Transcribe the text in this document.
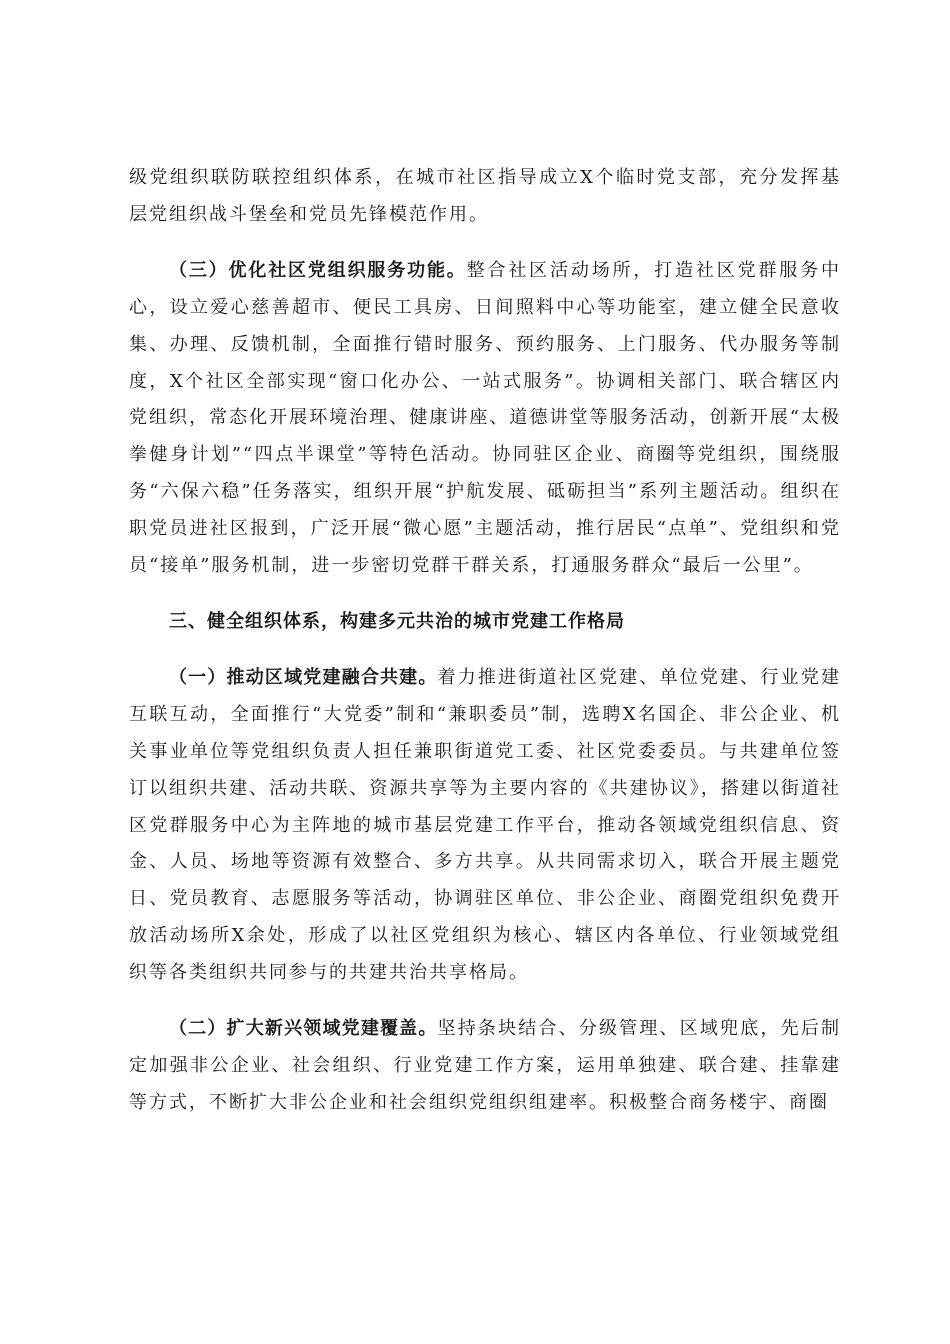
级党组织联防联控组织体系，在城市社区指导成立X个临时党支部，充分发挥基层党组织战斗堡垒和党员先锋模范作用。

（三）优化社区党组织服务功能。整合社区活动场所，打造社区党群服务中心，设立爱心慈善超市、便民工具房、日间照料中心等功能室，建立健全民意收集、办理、反馈机制，全面推行错时服务、预约服务、上门服务、代办服务等制度，X个社区全部实现“窗口化办公、一站式服务”。协调相关部门、联合辖区内党组织，常态化开展环境治理、健康讲座、道德讲堂等服务活动，创新开展“太极拳健身计划”“四点半课堂”等特色活动。协同驻区企业、商圈等党组织，围绕服务“六保六稳”任务落实，组织开展“护航发展、砥砺担当”系列主题活动。组织在职党员进社区报到，广泛开展“微心愿”主题活动，推行居民“点单”、党组织和党员“接单”服务机制，进一步密切党群干群关系，打通服务群众“最后一公里”。

三、健全组织体系，构建多元共治的城市党建工作格局

（一）推动区域党建融合共建。着力推进街道社区党建、单位党建、行业党建互联互动，全面推行“大党委”制和“兼职委员”制，选聘X名国企、非公企业、机关事业单位等党组织负责人担任兼职街道党工委、社区党委委员。与共建单位签订以组织共建、活动共联、资源共享等为主要内容的《共建协议》，搭建以街道社区党群服务中心为主阵地的城市基层党建工作平台，推动各领域党组织信息、资金、人员、场地等资源有效整合、多方共享。从共同需求切入，联合开展主题党日、党员教育、志愿服务等活动，协调驻区单位、非公企业、商圈党组织免费开放活动场所X余处，形成了以社区党组织为核心、辖区内各单位、行业领域党组织等各类组织共同参与的共建共治共享格局。

（二）扩大新兴领域党建覆盖。坚持条块结合、分级管理、区域兜底，先后制定加强非公企业、社会组织、行业党建工作方案，运用单独建、联合建、挂靠建等方式，不断扩大非公企业和社会组织党组织组建率。积极整合商务楼宇、商圈
